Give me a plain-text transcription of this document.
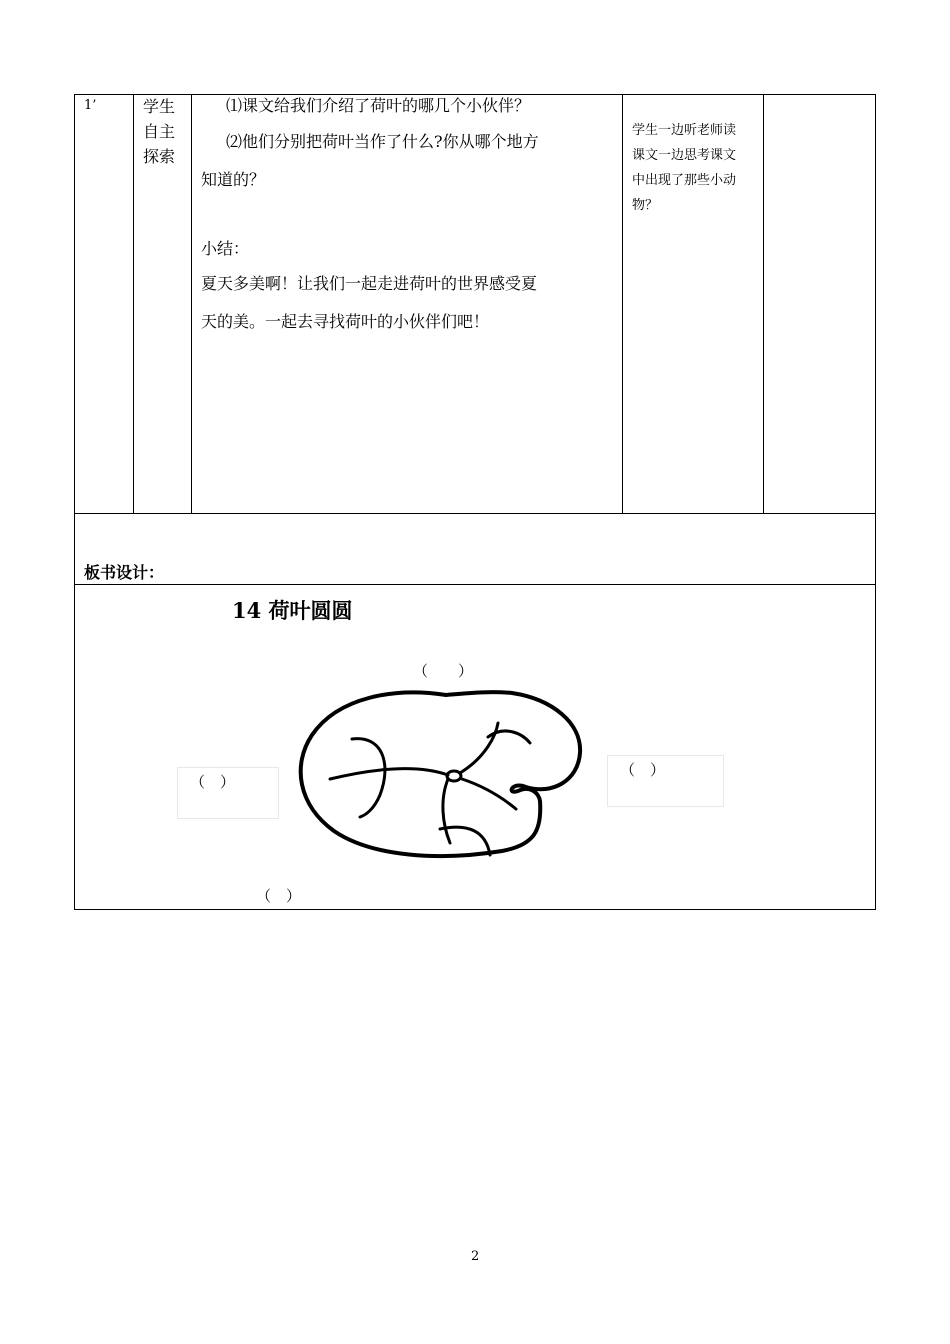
1’	学生
自主
探索
⑴课文给我们介绍了荷叶的哪几个小伙伴？
⑵他们分别把荷叶当作了什么?你从哪个地方
知道的？
小结：
夏天多美啊！让我们一起走进荷叶的世界感受夏
天的美。一起去寻找荷叶的小伙伴们吧！
学生一边听老师读
课文一边思考课文
中出现了那些小动
物？
板书设计：
14 荷叶圆圆
（　　）
（　）
（　）
（　）
2
